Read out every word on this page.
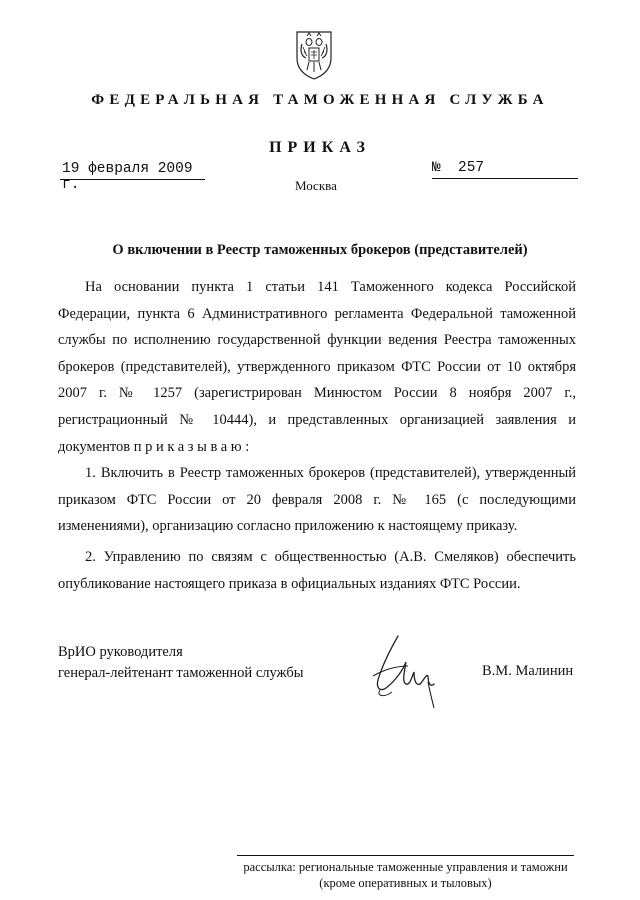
ФЕДЕРАЛЬНАЯ ТАМОЖЕННАЯ СЛУЖБА
ПРИКАЗ
19 февраля 2009 г.
№ 257
Москва
О включении в Реестр таможенных брокеров (представителей)

На основании пункта 1 статьи 141 Таможенного кодекса Российской Федерации, пункта 6 Административного регламента Федеральной таможенной службы по исполнению государственной функции ведения Реестра таможенных брокеров (представителей), утвержденного приказом ФТС России от 10 октября 2007 г. № 1257 (зарегистрирован Минюстом России 8 ноября 2007 г., регистрационный № 10444), и представленных организацией заявления и документов приказываю:

1. Включить в Реестр таможенных брокеров (представителей), утвержденный приказом ФТС России от 20 февраля 2008 г. № 165 (с последующими изменениями), организацию согласно приложению к настоящему приказу.

2. Управлению по связям с общественностью (А.В. Смеляков) обеспечить опубликование настоящего приказа в официальных изданиях ФТС России.

ВрИО руководителя
генерал-лейтенант таможенной службы	В.М. Малинин
рассылка: региональные таможенные управления и таможни
(кроме оперативных и тыловых)
